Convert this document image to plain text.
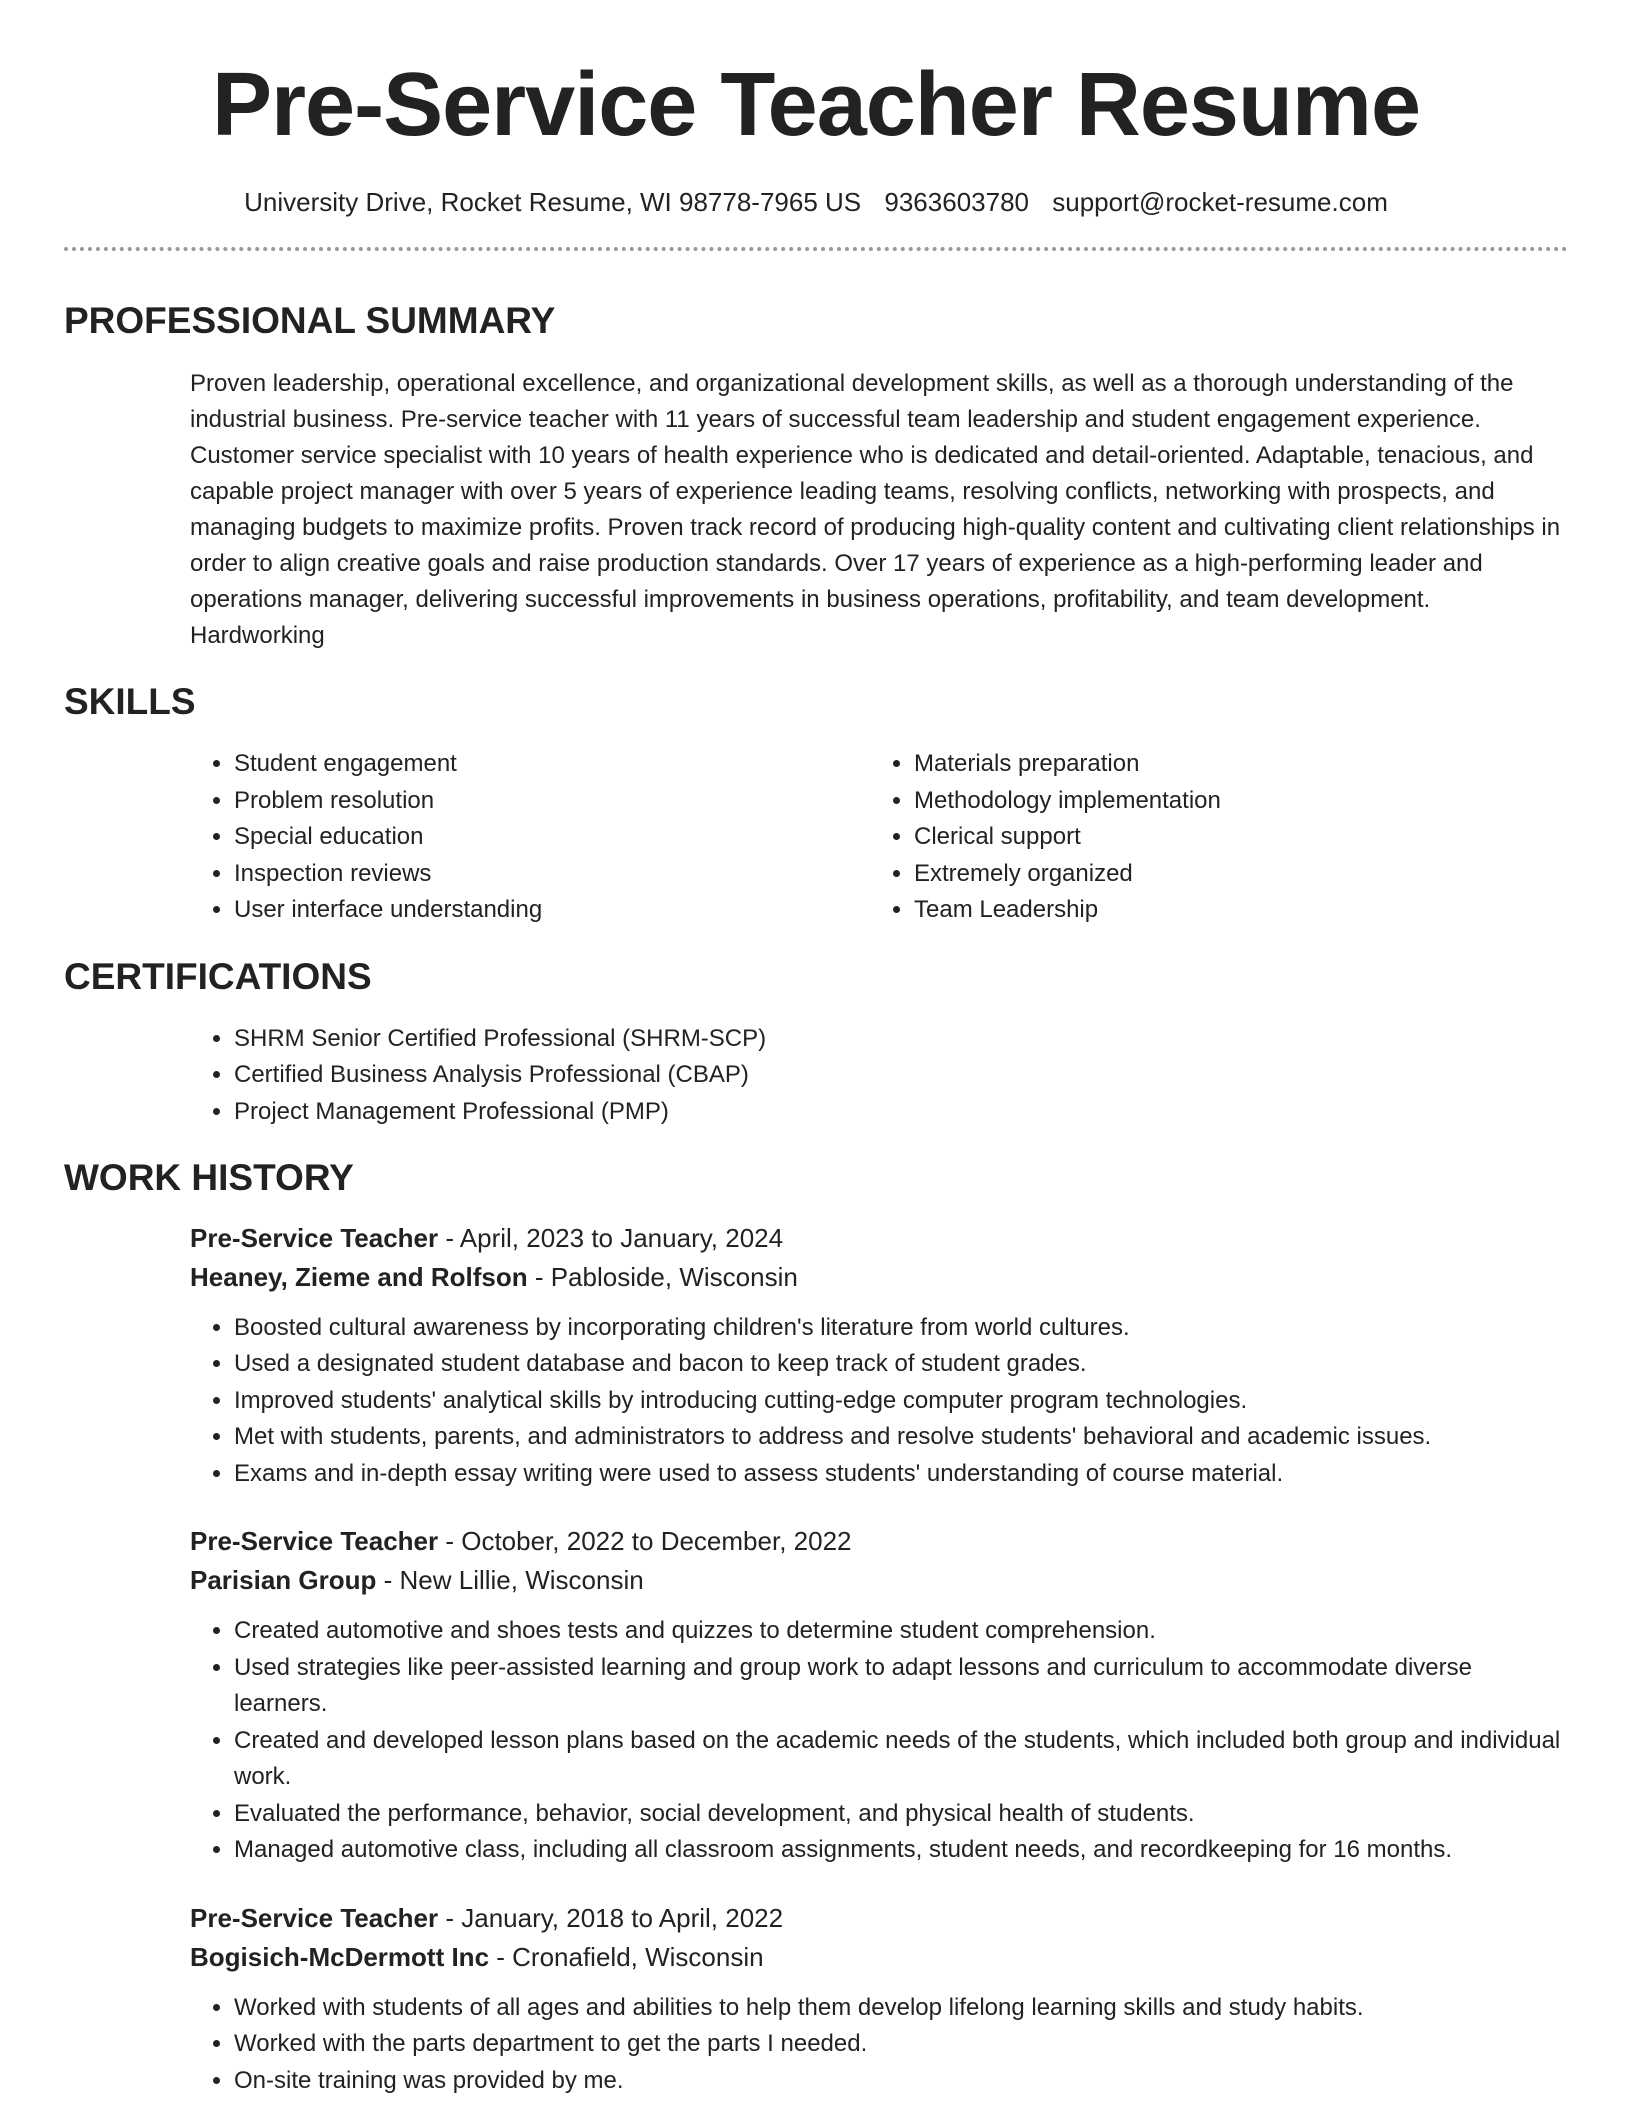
Pre-Service Teacher Resume
University Drive, Rocket Resume, WI 98778-7965 US 9363603780 support@rocket-resume.com
PROFESSIONAL SUMMARY

Proven leadership, operational excellence, and organizational development skills, as well as a thorough understanding of the industrial business. Pre-service teacher with 11 years of successful team leadership and student engagement experience. Customer service specialist with 10 years of health experience who is dedicated and detail-oriented. Adaptable, tenacious, and capable project manager with over 5 years of experience leading teams, resolving conflicts, networking with prospects, and managing budgets to maximize profits. Proven track record of producing high-quality content and cultivating client relationships in order to align creative goals and raise production standards. Over 17 years of experience as a high-performing leader and operations manager, delivering successful improvements in business operations, profitability, and team development. Hardworking

SKILLS
• Student engagement
• Problem resolution
• Special education
• Inspection reviews
• User interface understanding
• Materials preparation
• Methodology implementation
• Clerical support
• Extremely organized
• Team Leadership
CERTIFICATIONS
• SHRM Senior Certified Professional (SHRM-SCP)
• Certified Business Analysis Professional (CBAP)
• Project Management Professional (PMP)
WORK HISTORY
Pre-Service Teacher - April, 2023 to January, 2024
Heaney, Zieme and Rolfson - Pabloside, Wisconsin
• Boosted cultural awareness by incorporating children's literature from world cultures.
• Used a designated student database and bacon to keep track of student grades.
• Improved students' analytical skills by introducing cutting-edge computer program technologies.
• Met with students, parents, and administrators to address and resolve students' behavioral and academic issues.
• Exams and in-depth essay writing were used to assess students' understanding of course material.
Pre-Service Teacher - October, 2022 to December, 2022
Parisian Group - New Lillie, Wisconsin
• Created automotive and shoes tests and quizzes to determine student comprehension.
• Used strategies like peer-assisted learning and group work to adapt lessons and curriculum to accommodate diverse learners.
• Created and developed lesson plans based on the academic needs of the students, which included both group and individual work.
• Evaluated the performance, behavior, social development, and physical health of students.
• Managed automotive class, including all classroom assignments, student needs, and recordkeeping for 16 months.
Pre-Service Teacher - January, 2018 to April, 2022
Bogisich-McDermott Inc - Cronafield, Wisconsin
• Worked with students of all ages and abilities to help them develop lifelong learning skills and study habits.
• Worked with the parts department to get the parts I needed.
• On-site training was provided by me.
